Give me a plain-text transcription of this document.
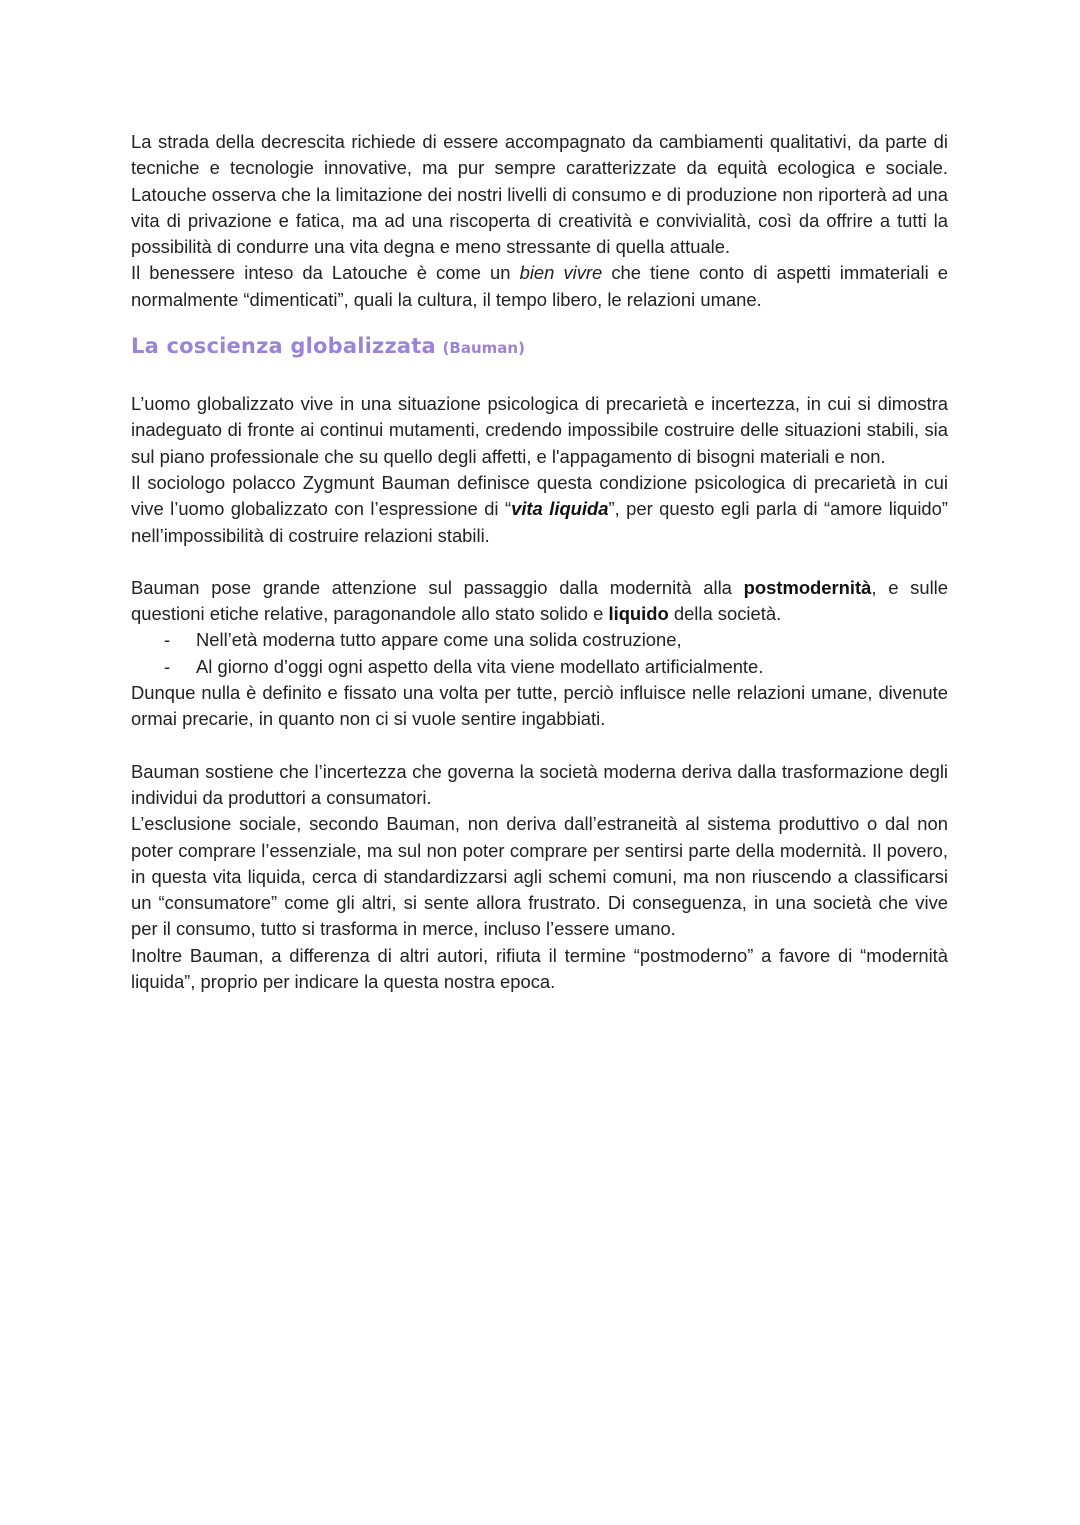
La strada della decrescita richiede di essere accompagnato da cambiamenti qualitativi, da parte di tecniche e tecnologie innovative, ma pur sempre caratterizzate da equità ecologica e sociale. Latouche osserva che la limitazione dei nostri livelli di consumo e di produzione non riporterà ad una vita di privazione e fatica, ma ad una riscoperta di creatività e convivialità, così da offrire a tutti la possibilità di condurre una vita degna e meno stressante di quella attuale.

Il benessere inteso da Latouche è come un bien vivre che tiene conto di aspetti immateriali e normalmente “dimenticati”, quali la cultura, il tempo libero, le relazioni umane.

La coscienza globalizzata (Bauman)

L’uomo globalizzato vive in una situazione psicologica di precarietà e incertezza, in cui si dimostra inadeguato di fronte ai continui mutamenti, credendo impossibile costruire delle situazioni stabili, sia sul piano professionale che su quello degli affetti, e l'appagamento di bisogni materiali e non.

Il sociologo polacco Zygmunt Bauman definisce questa condizione psicologica di precarietà in cui vive l’uomo globalizzato con l’espressione di “vita liquida”, per questo egli parla di “amore liquido” nell’impossibilità di costruire relazioni stabili.

Bauman pose grande attenzione sul passaggio dalla modernità alla postmodernità, e sulle questioni etiche relative, paragonandole allo stato solido e liquido della società.

- Nell’età moderna tutto appare come una solida costruzione,
- Al giorno d’oggi ogni aspetto della vita viene modellato artificialmente.

Dunque nulla è definito e fissato una volta per tutte, perciò influisce nelle relazioni umane, divenute ormai precarie, in quanto non ci si vuole sentire ingabbiati.

Bauman sostiene che l’incertezza che governa la società moderna deriva dalla trasformazione degli individui da produttori a consumatori.

L’esclusione sociale, secondo Bauman, non deriva dall’estraneità al sistema produttivo o dal non poter comprare l’essenziale, ma sul non poter comprare per sentirsi parte della modernità. Il povero, in questa vita liquida, cerca di standardizzarsi agli schemi comuni, ma non riuscendo a classificarsi un “consumatore” come gli altri, si sente allora frustrato. Di conseguenza, in una società che vive per il consumo, tutto si trasforma in merce, incluso l’essere umano.

Inoltre Bauman, a differenza di altri autori, rifiuta il termine “postmoderno” a favore di “modernità liquida”, proprio per indicare la questa nostra epoca.
